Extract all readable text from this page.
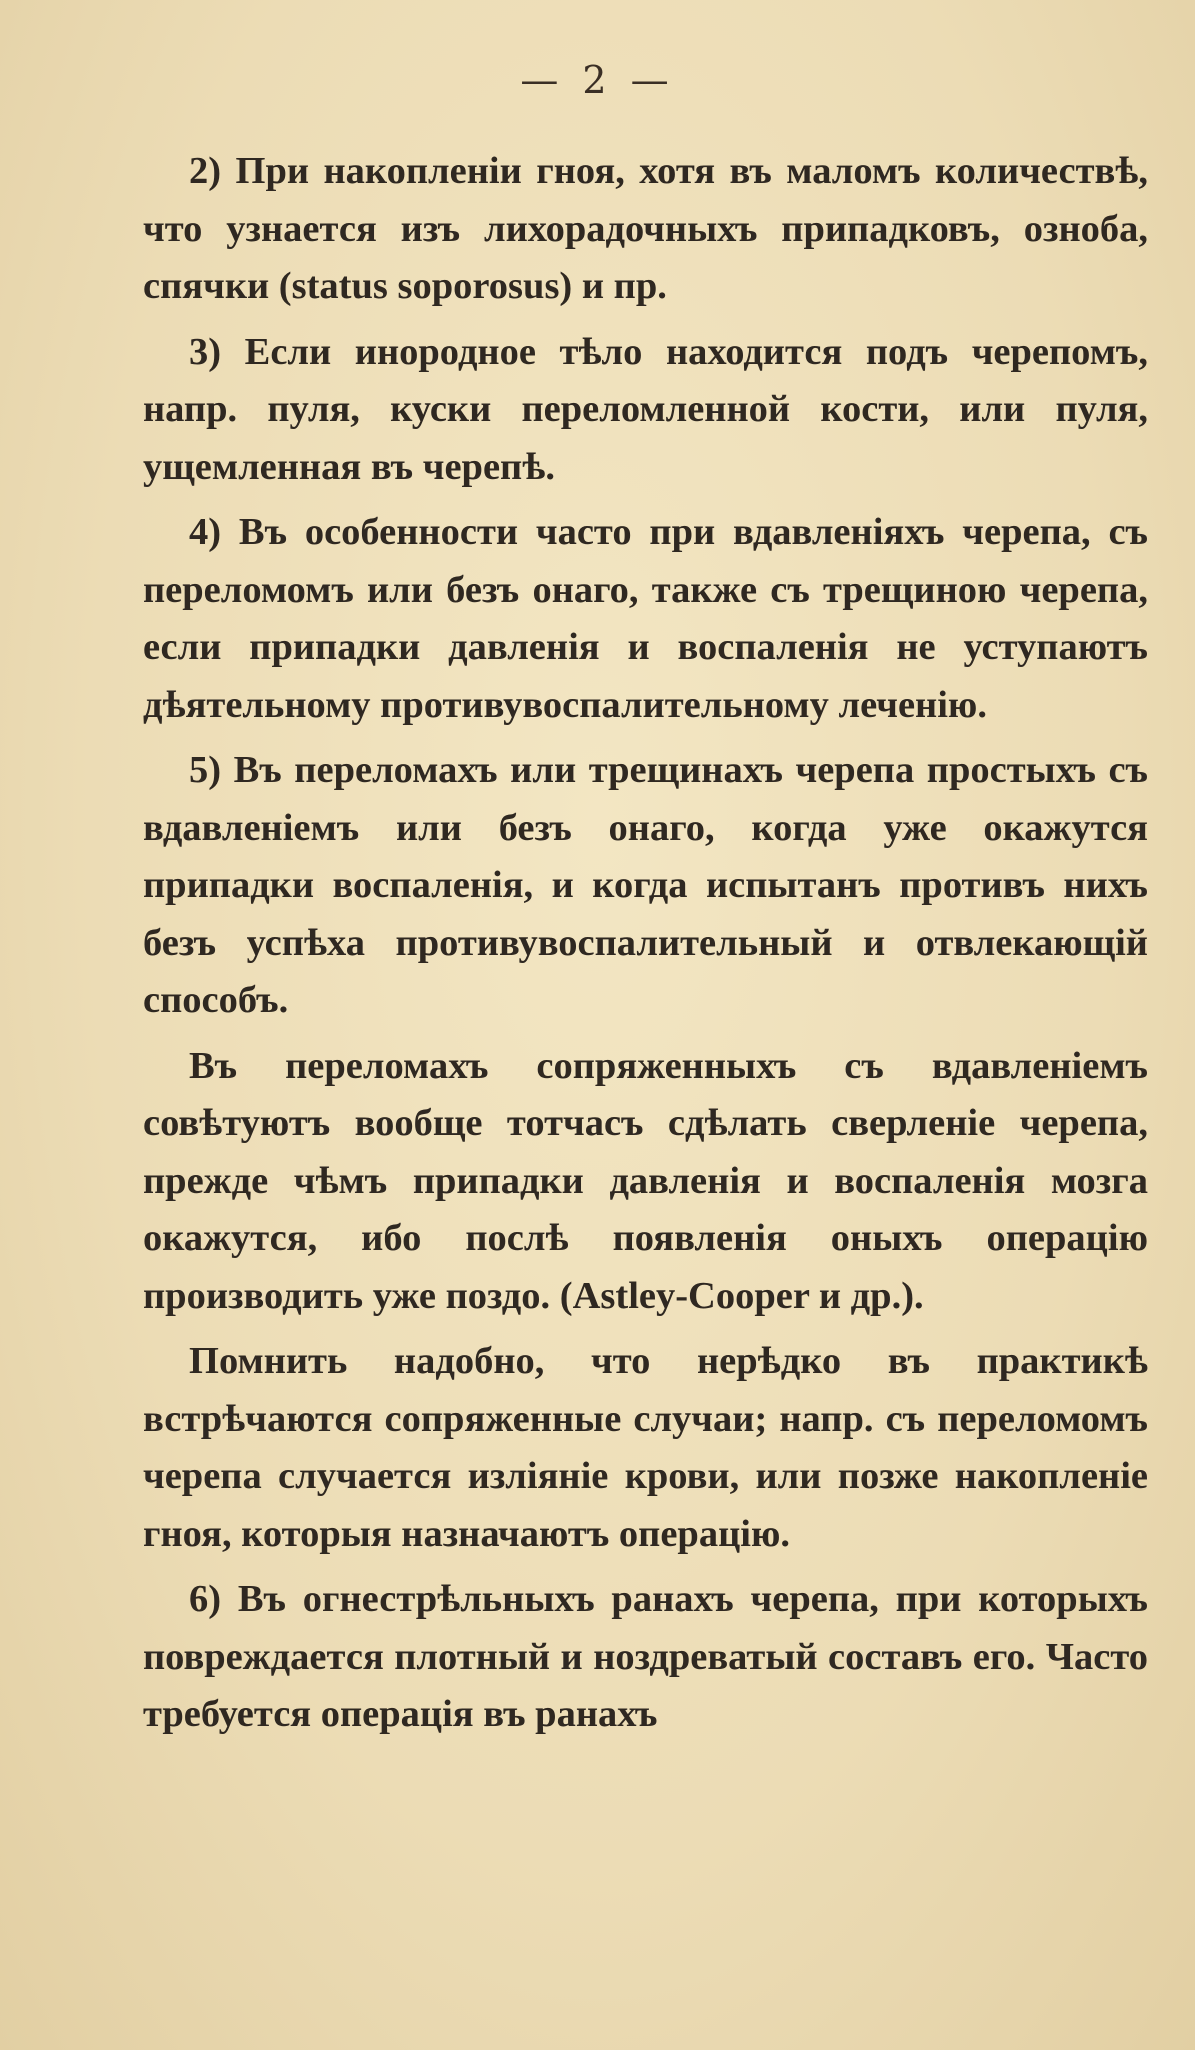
— 2 —

2) При накопленіи гноя, хотя въ маломъ количествѣ, что узнается изъ лихорадочныхъ припадковъ, озноба, спячки (status soporosus) и пр.

3) Если инородное тѣло находится подъ черепомъ, напр. пуля, куски переломленной кости, или пуля, ущемленная въ черепѣ.

4) Въ особенности часто при вдавленіяхъ черепа, съ переломомъ или безъ онаго, также съ трещиною черепа, если припадки давленія и воспаленія не уступаютъ дѣятельному противувоспалительному леченію.

5) Въ переломахъ или трещинахъ черепа простыхъ съ вдавленіемъ или безъ онаго, когда уже окажутся припадки воспаленія, и когда испытанъ противъ нихъ безъ успѣха противувоспалительный и отвлекающій способъ.

Въ переломахъ сопряженныхъ съ вдавленіемъ совѣтуютъ вообще тотчасъ сдѣлать сверленіе черепа, прежде чѣмъ припадки давленія и воспаленія мозга окажутся, ибо послѣ появленія оныхъ операцію производить уже поздо. (Astley-Cooper и др.).

Помнить надобно, что нерѣдко въ практикѣ встрѣчаются сопряженные случаи; напр. съ переломомъ черепа случается изліяніе крови, или позже накопленіе гноя, которыя назначаютъ операцію.

6) Въ огнестрѣльныхъ ранахъ черепа, при которыхъ повреждается плотный и ноздреватый составъ его. Часто требуется операція въ ранахъ
